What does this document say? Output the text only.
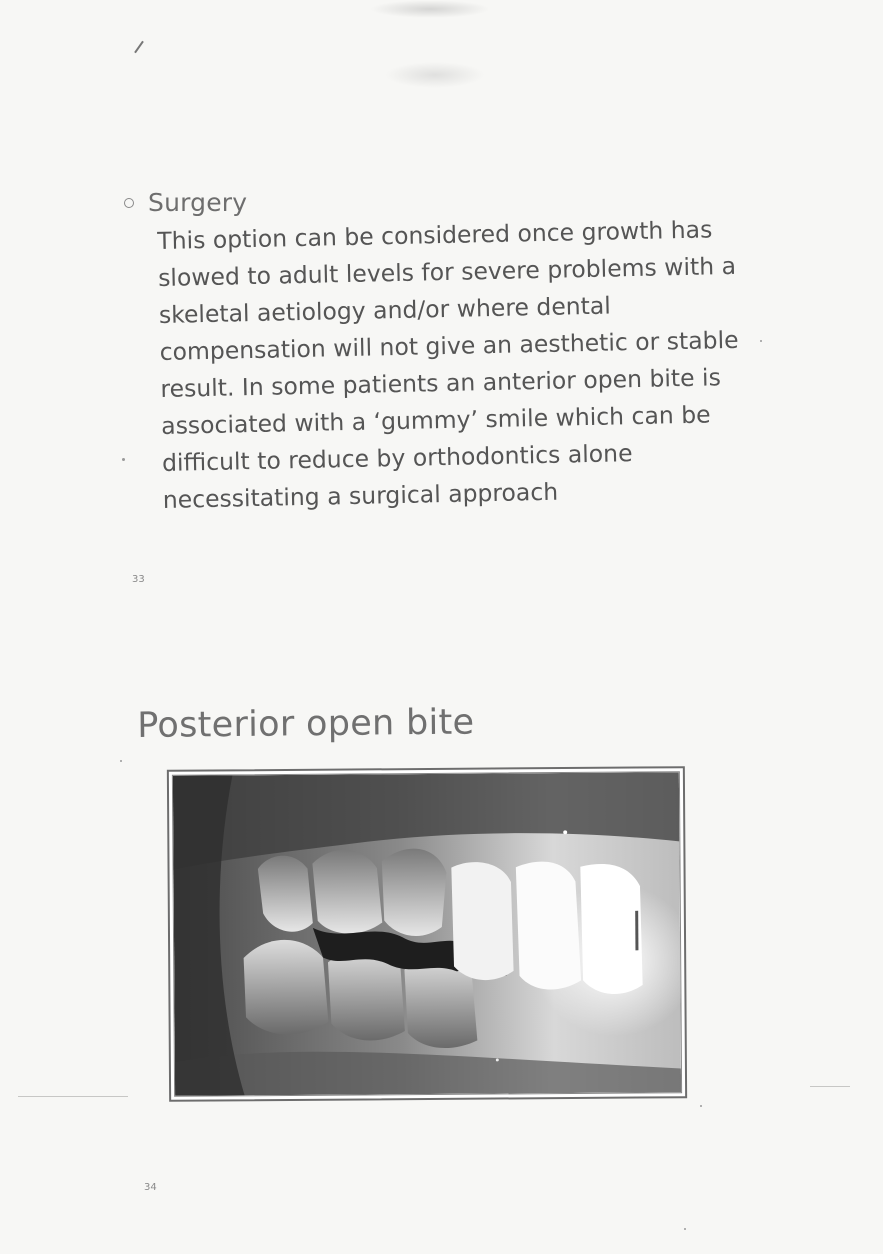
Surgery
This option can be considered once growth has
slowed to adult levels for severe problems with a
skeletal aetiology and/or where dental
compensation will not give an aesthetic or stable
result. In some patients an anterior open bite is
associated with a ‘gummy’ smile which can be
difficult to reduce by orthodontics alone
necessitating a surgical approach
33
Posterior open bite
34
